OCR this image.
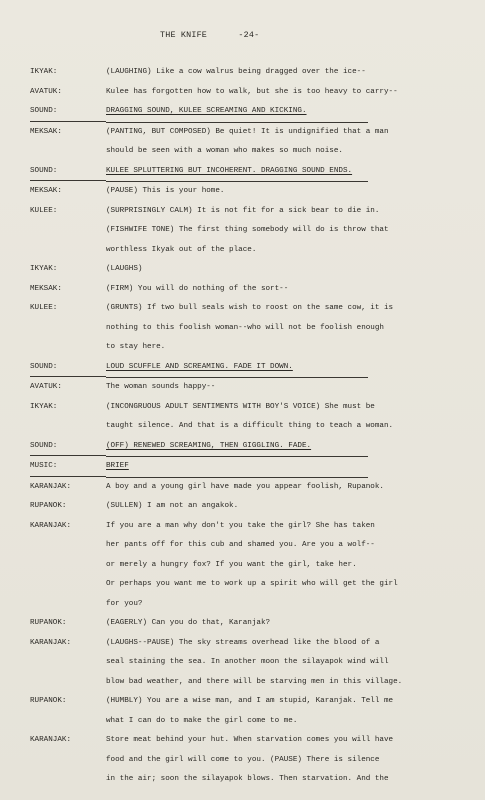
THE KNIFE      -24-
IKYAK:	(LAUGHING) Like a cow walrus being dragged over the ice--
AVATUK:	Kulee has forgotten how to walk, but she is too heavy to carry--
SOUND:	DRAGGING SOUND, KULEE SCREAMING AND KICKING.
MEKSAK:	(PANTING, BUT COMPOSED) Be quiet! It is undignified that a man
should be seen with a woman who makes so much noise.
SOUND:	KULEE SPLUTTERING BUT INCOHERENT. DRAGGING SOUND ENDS.
MEKSAK:	(PAUSE) This is your home.
KULEE:	(SURPRISINGLY CALM) It is not fit for a sick bear to die in.
(FISHWIFE TONE) The first thing somebody will do is throw that
worthless Ikyak out of the place.
IKYAK:	(LAUGHS)
MEKSAK:	(FIRM) You will do nothing of the sort--
KULEE:	(GRUNTS) If two bull seals wish to roost on the same cow, it is
nothing to this foolish woman--who will not be foolish enough
to stay here.
SOUND:	LOUD SCUFFLE AND SCREAMING. FADE IT DOWN.
AVATUK:	The woman sounds happy--
IKYAK:	(INCONGRUOUS ADULT SENTIMENTS WITH BOY'S VOICE) She must be
taught silence. And that is a difficult thing to teach a woman.
SOUND:	(OFF) RENEWED SCREAMING, THEN GIGGLING. FADE.
MUSIC:	BRIEF
KARANJAK:	A boy and a young girl have made you appear foolish, Rupanok.
RUPANOK:	(SULLEN) I am not an angakok.
KARANJAK:	If you are a man why don't you take the girl? She has taken
her pants off for this cub and shamed you. Are you a wolf--
or merely a hungry fox? If you want the girl, take her.
Or perhaps you want me to work up a spirit who will get the girl
for you?
RUPANOK:	(EAGERLY) Can you do that, Karanjak?
KARANJAK:	(LAUGHS--PAUSE) The sky streams overhead like the blood of a
seal staining the sea. In another moon the silayapok wind will
blow bad weather, and there will be starving men in this village.
RUPANOK:	(HUMBLY) You are a wise man, and I am stupid, Karanjak. Tell me
what I can do to make the girl come to me.
KARANJAK:	Store meat behind your hut. When starvation comes you will have
food and the girl will come to you. (PAUSE) There is silence
in the air; soon the silayapok blows. Then starvation. And the
